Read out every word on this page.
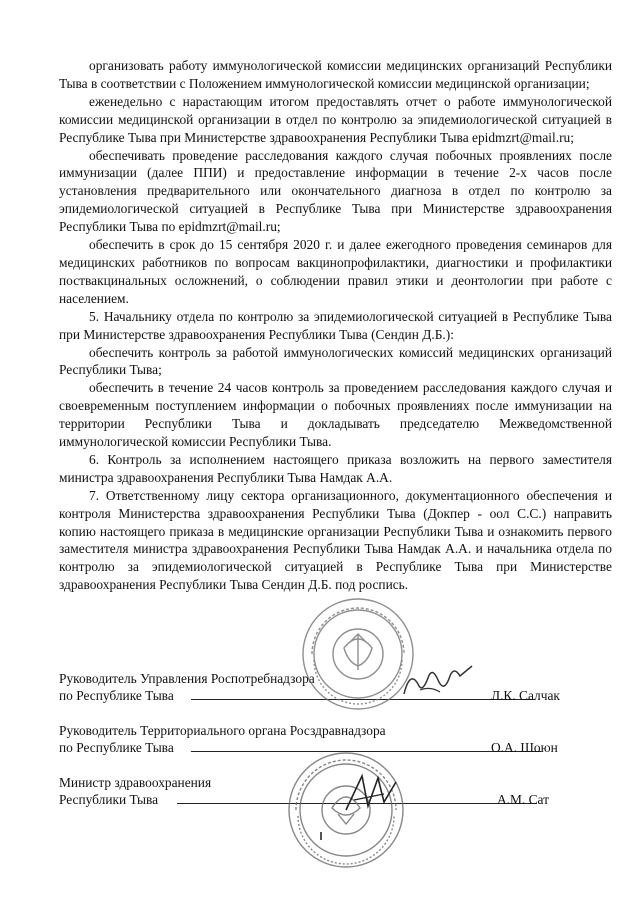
организовать работу иммунологической комиссии медицинских организаций Республики Тыва в соответствии с Положением иммунологической комиссии медицинской организации;

еженедельно с нарастающим итогом предоставлять отчет о работе иммунологической комиссии медицинской организации в отдел по контролю за эпидемиологической ситуацией в Республике Тыва при Министерстве здравоохранения Республики Тыва epidmzrt@mail.ru;

обеспечивать проведение расследования каждого случая побочных проявлениях после иммунизации (далее ППИ) и предоставление информации в течение 2-х часов после установления предварительного или окончательного диагноза в отдел по контролю за эпидемиологической ситуацией в Республике Тыва при Министерстве здравоохранения Республики Тыва по epidmzrt@mail.ru;

обеспечить в срок до 15 сентября 2020 г. и далее ежегодного проведения семинаров для медицинских работников по вопросам вакцинопрофилактики, диагностики и профилактики поствакцинальных осложнений, о соблюдении правил этики и деонтологии при работе с населением.

5. Начальнику отдела по контролю за эпидемиологической ситуацией в Республике Тыва при Министерстве здравоохранения Республики Тыва (Сендин Д.Б.):

обеспечить контроль за работой иммунологических комиссий медицинских организаций Республики Тыва;

обеспечить в течение 24 часов контроль за проведением расследования каждого случая и своевременным поступлением информации о побочных проявлениях после иммунизации на территории Республики Тыва и докладывать председателю Межведомственной иммунологической комиссии Республики Тыва.

6. Контроль за исполнением настоящего приказа возложить на первого заместителя министра здравоохранения Республики Тыва Намдак А.А.

7. Ответственному лицу сектора организационного, документационного обеспечения и контроля Министерства здравоохранения Республики Тыва (Докпер - оол С.С.) направить копию настоящего приказа в медицинские организации Республики Тыва и ознакомить первого заместителя министра здравоохранения Республики Тыва Намдак А.А. и начальника отдела по контролю за эпидемиологической ситуацией в Республике Тыва при Министерстве здравоохранения Республики Тыва Сендин Д.Б. под роспись.

Руководитель Управления Роспотребнадзора
по Республике Тыва	Л.К. Салчак
Руководитель Территориального органа Росздравнадзора
по Республике Тыва	О.А. Шоюн
Министр здравоохранения
Республики Тыва	А.М. Сат
